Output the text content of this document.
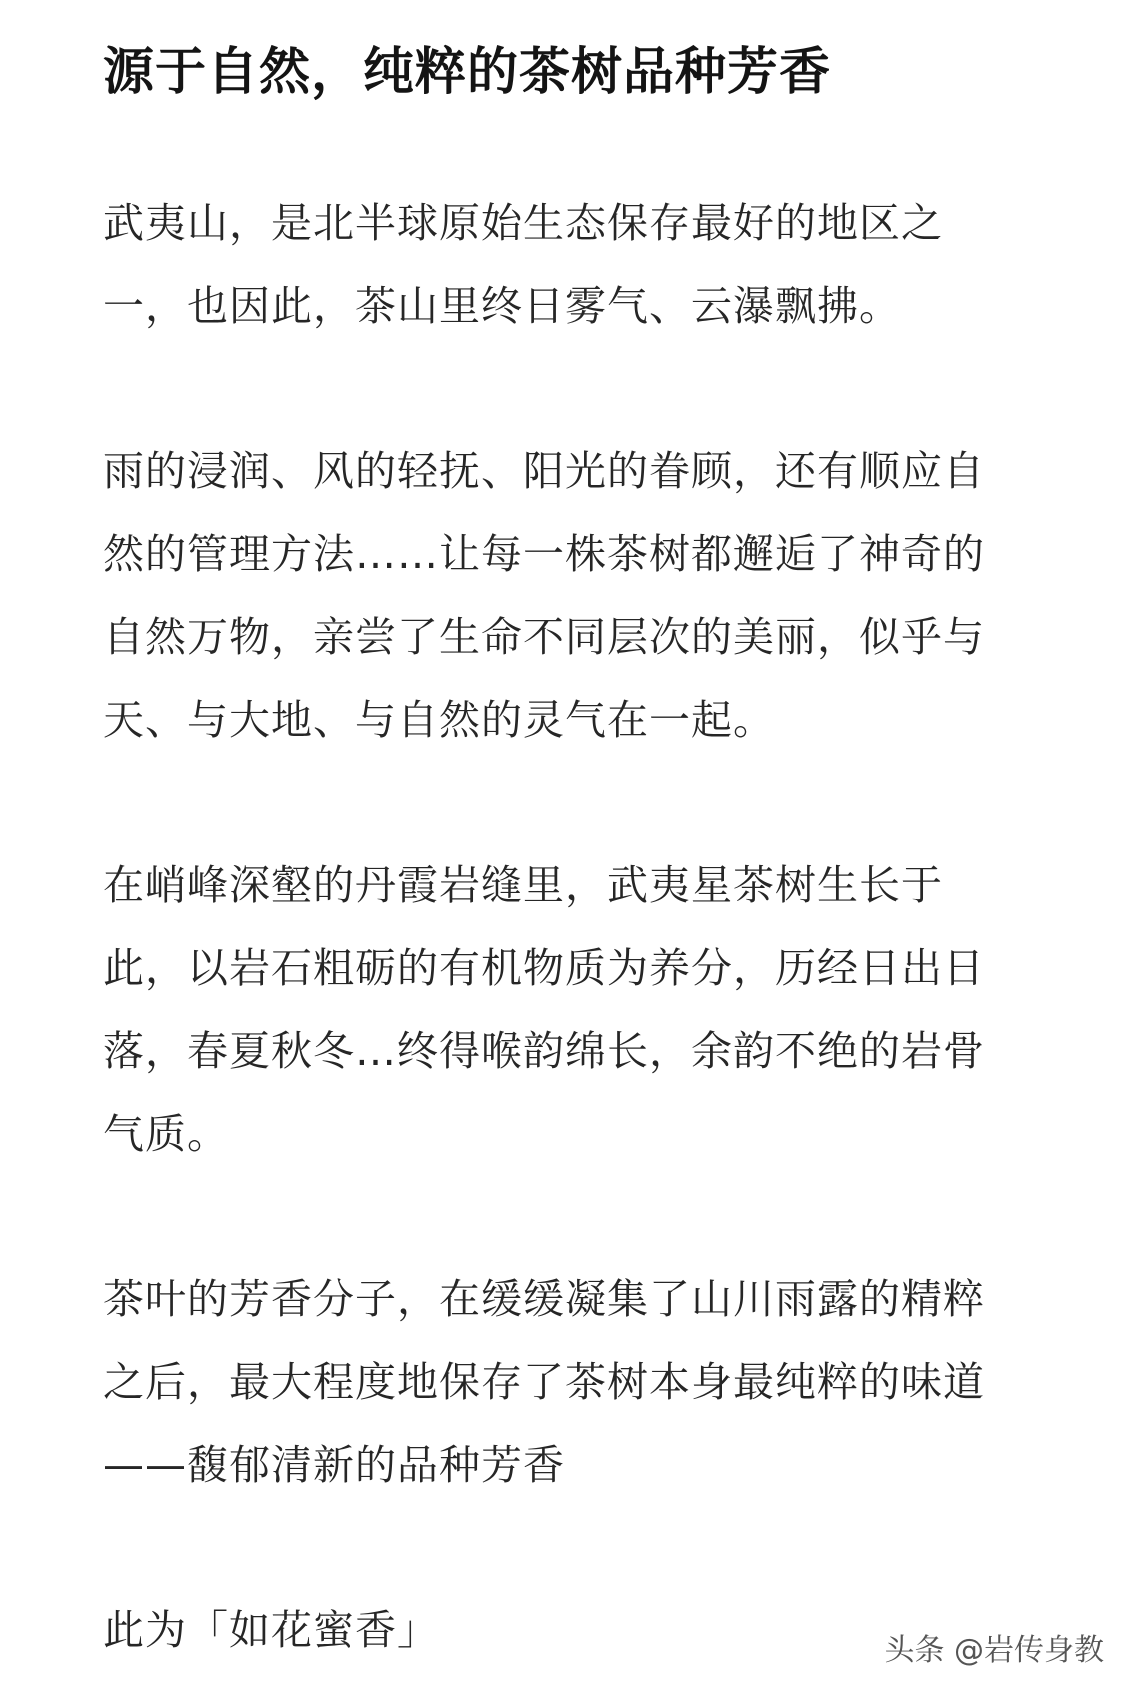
源于自然，纯粹的茶树品种芳香

武夷山，是北半球原始生态保存最好的地区之
一，也因此，茶山里终日雾气、云瀑飘拂。

雨的浸润、风的轻抚、阳光的眷顾，还有顺应自
然的管理方法……让每一株茶树都邂逅了神奇的
自然万物，亲尝了生命不同层次的美丽，似乎与
天、与大地、与自然的灵气在一起。

在峭峰深壑的丹霞岩缝里，武夷星茶树生长于
此，以岩石粗砺的有机物质为养分，历经日出日
落，春夏秋冬…终得喉韵绵长，余韵不绝的岩骨
气质。

茶叶的芳香分子，在缓缓凝集了山川雨露的精粹
之后，最大程度地保存了茶树本身最纯粹的味道
——馥郁清新的品种芳香

此为「如花蜜香」	头条 @岩传身教
